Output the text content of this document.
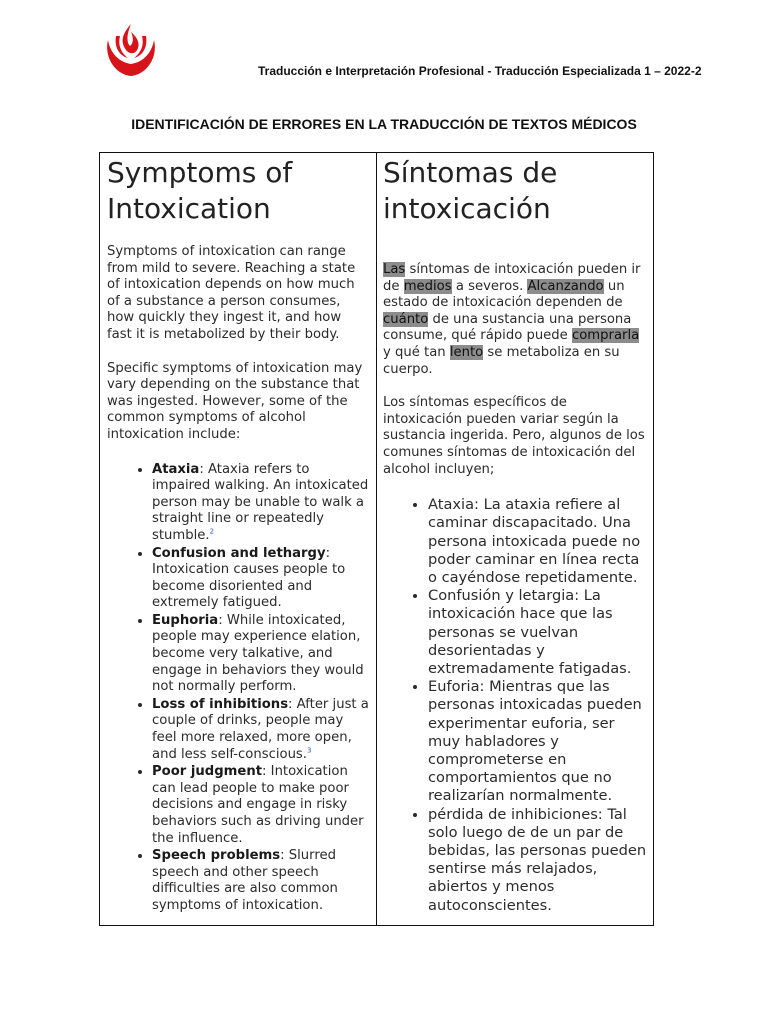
Traducción e Interpretación Profesional - Traducción Especializada 1 – 2022-2
IDENTIFICACIÓN DE ERRORES EN LA TRADUCCIÓN DE TEXTOS MÉDICOS
Symptoms of
Intoxication

Symptoms of intoxication can range from mild to severe. Reaching a state of intoxication depends on how much of a substance a person consumes, how quickly they ingest it, and how fast it is metabolized by their body.

Specific symptoms of intoxication may vary depending on the substance that was ingested. However, some of the common symptoms of alcohol intoxication include:

• Ataxia: Ataxia refers to impaired walking. An intoxicated person may be unable to walk a straight line or repeatedly stumble.$^2$
• Confusion and lethargy: Intoxication causes people to become disoriented and extremely fatigued.
• Euphoria: While intoxicated, people may experience elation, become very talkative, and engage in behaviors they would not normally perform.
• Loss of inhibitions: After just a couple of drinks, people may feel more relaxed, more open, and less self-conscious.$^3$
• Poor judgment: Intoxication can lead people to make poor decisions and engage in risky behaviors such as driving under the influence.
• Speech problems: Slurred speech and other speech difficulties are also common symptoms of intoxication.
Síntomas de
intoxicación

Las síntomas de intoxicación pueden ir de medios a severos. Alcanzando un estado de intoxicación dependen de cuánto de una sustancia una persona consume, qué rápido puede comprarla y qué tan lento se metaboliza en su cuerpo.

Los síntomas específicos de intoxicación pueden variar según la sustancia ingerida. Pero, algunos de los comunes síntomas de intoxicación del alcohol incluyen;

• Ataxia: La ataxia refiere al caminar discapacitado. Una persona intoxicada puede no poder caminar en línea recta o cayéndose repetidamente.
• Confusión y letargia: La intoxicación hace que las personas se vuelvan desorientadas y extremadamente fatigadas.
• Euforia: Mientras que las personas intoxicadas pueden experimentar euforia, ser muy habladores y comprometerse en comportamientos que no realizarían normalmente.
• pérdida de inhibiciones: Tal solo luego de de un par de bebidas, las personas pueden sentirse más relajados, abiertos y menos autoconscientes.
